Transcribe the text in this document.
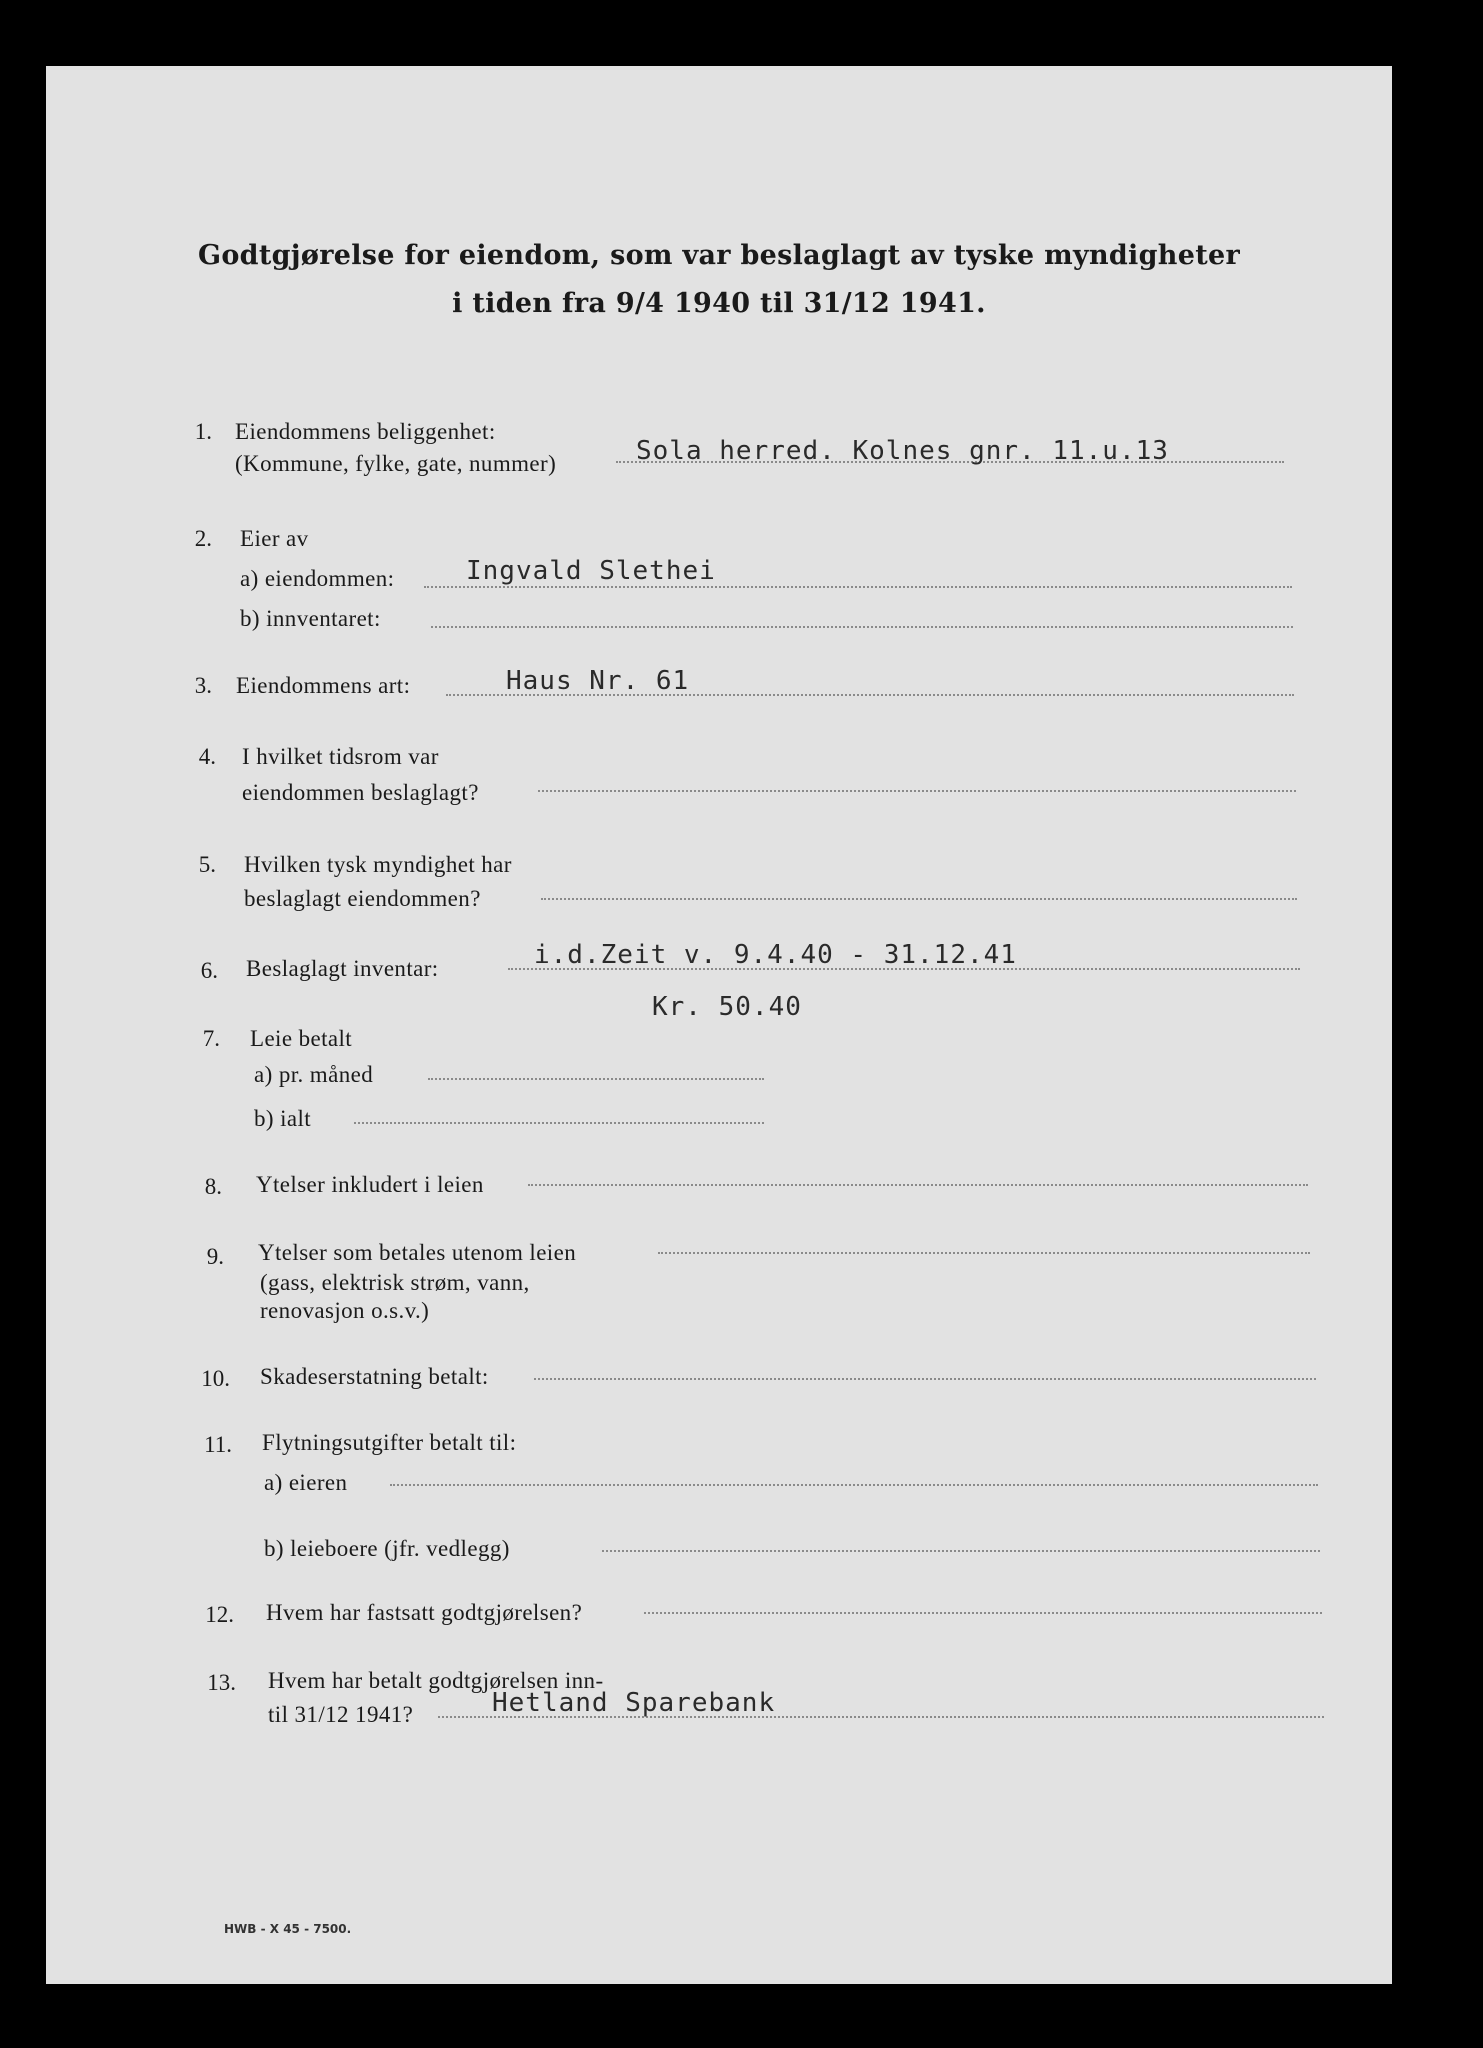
Godtgjørelse for eiendom, som var beslaglagt av tyske myndigheter
i tiden fra 9/4 1940 til 31/12 1941.
1. Eiendommens beliggenhet:
(Kommune, fylke, gate, nummer)	Sola herred. Kolnes gnr. 11.u.13
2. Eier av
a) eiendommen:	Ingvald Slethei
b) innventaret:
3. Eiendommens art:	Haus Nr. 61
4. I hvilket tidsrom var
eiendommen beslaglagt?
5. Hvilken tysk myndighet har
beslaglagt eiendommen?
6. Beslaglagt inventar:	i.d.Zeit v. 9.4.40 - 31.12.41
Kr. 50.40
7. Leie betalt
a) pr. måned
b) ialt
8. Ytelser inkludert i leien
9. Ytelser som betales utenom leien
(gass, elektrisk strøm, vann,
renovasjon o.s.v.)
10. Skadeserstatning betalt:
11. Flytningsutgifter betalt til:
a) eieren
b) leieboere (jfr. vedlegg)
12. Hvem har fastsatt godtgjørelsen?
13. Hvem har betalt godtgjørelsen inn-
til 31/12 1941?	Hetland Sparebank
HWB - X 45 - 7500.
